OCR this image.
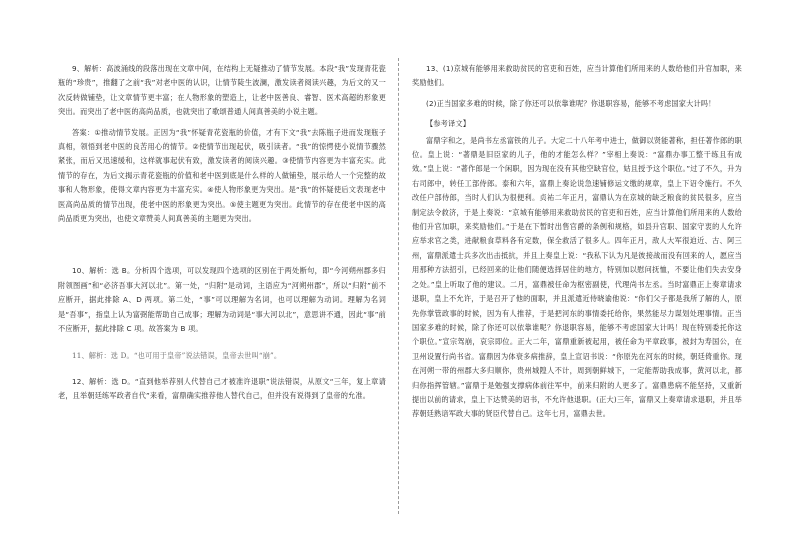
9、解析：高波涌线的段落出现在文章中间，在结构上无疑推动了情节发展。本段“我”发现青花瓷瓶的“珍贵”，推翻了之前“我”对老中医的认识，让情节陡生波澜，激发读者阅读兴趣，为后文的又一次反转做铺垫，让文章情节更丰富；在人物形象的塑造上，让老中医善良、睿智、医术高超的形象更突出。而突出了老中医的高尚品质，也就突出了歌颂普通人间真善美的小说主题。

答案：①推动情节发展。正因为“我”怀疑青花瓷瓶的价值，才有下文“我”去陈瓶子进而发现瓶子真相，领悟到老中医的良苦用心的情节。②使情节出现起伏，吸引读者。“我”的惊愕使小说情节骤然紧张，而后又迅速缓和，这样就事起伏有致，激发读者的阅读兴趣。③使情节内容更为丰富充实。此情节的存在，为后文揭示青花瓷瓶的价值和老中医到底是什么样的人做铺垫，展示给人一个完整的故事和人物形象，使得文章内容更为丰富充实。④使人物形象更为突出。是“我”的怀疑使后文表现老中医高尚品质的情节出现，使老中医的形象更为突出。⑤使主题更为突出。此情节的存在使老中医的高尚品质更为突出，也使文章赞美人间真善美的主题更为突出。

10、解析：选 B。分析四个选项，可以发现四个选项的区别在于两处断句，即“今河朔州郡多归附领图画”和“必济吾事大河以北”。第一处，“归附”是动词，主语应为“河朔州郡”，所以“归附”前不应断开，据此排除 A、D 两项。第二处，“事”可以理解为名词，也可以理解为动词。理解为名词是“吾事”，指皇上认为富弼能帮助自己成事；理解为动词是“事大河以北”，意思讲不通，因此“事”前不应断开，据此排除 C 项。故答案为 B 项。

11、解析：选 D。“也可用于皇帝”说法错误，皇帝去世叫“崩”。

12、解析：选 D。“直到他举荐别人代替自己才被准许退职”说法错误，从原文“三年，复上章请老，且举朝廷练军政者自代”来看，富鼎确实推荐他人替代自己，但并没有说得到了皇帝的允准。

13、(1)京城有能够用来救助贫民的官吏和百姓，应当计算他们所用来的人数给他们升官加职，来奖励他们。

(2)正当国家多难的时候，除了你还可以依靠谁呢？你退职容易，能够不考虑国家大计吗！

【参考译文】

富鼎字和之，是尚书左丞富铁的儿子。大定二十八年考中进士，做御以贤能著称，担任著作郎的职位。皇上说：“著鼎是旧臣家的儿子，他的才能怎么样？”宰相上奏说：“富鼎办事工整干练且有成效。”皇上说：“著作郎是一个闲职，因为现在没有其他空缺官位，姑且授予这个职位。”过了不久，升为右司郎中，转任工部侍郎。泰和六年，富鼎上奏论说急速铺修运文缴的规章，皇上下诏令施行。不久改任户部侍郎，当时人们认为很便利。贞祐二年正月，富鼎认为在京城的缺乏粮食的贫民很多，应当制定法令救济，于是上奏说：“京城有能够用来救助贫民的官吏和百姓，应当计算他们所用来的人数给他们升官加职，来奖励他们。”于是在下暂时出售官爵的条例和规格，如县升官职、国家守衷的人允许应举求官之类，进献粮食草料各有定数，保全救活了很多人。四年正月，敌人大军很迫近、古、阿三州，富鼎派遣士兵多次出击抵抗，并且上奏皇上说：“我私下认为凡是彼接战而没有回来的人，愿应当用那种方法招引，已经回来的让他们随便选择居住的地方，特别加以慰问抚恤，不要让他们失去安身之处。”皇上听取了他的建议。二月，富鼎被任命为枢密副使，代理尚书左丞。当时富鼎正上奏章请求退职，皇上不允许，于是召开了他的面职，并且派遣近侍晓谕他说：“你们父子都是我所了解的人，原先你掌管政事的时候，因为有人推荐，于是把河东的事情委托给你，果然能尽力谋划处理事情。正当国家多难的时候，除了你还可以依靠谁呢？你退职容易，能够不考虑国家大计吗！现在特别委托你这个职位。”宣宗驾崩，哀宗即位。正大二年，富鼎重新被起用，被任命为平章政事，被封为寿国公，在卫州设置行尚书省。富鼎因为体衰多病推辞，皇上宣诏书说：“你原先在河东的时候，朝廷倚重你。现在河朔一带的州郡大多归顺你，贵州城隍人不计，周到朝鲜城下，一定能帮助我成事，黄河以北，都归你指挥管辖。”富鼎于是勉强支撑病体前往军中，前来归附的人更多了。富鼎患病不能坚持，又重新提出以前的请求，皇上下达赞美的诏书，不允许他退职。(正大)三年，富鼎又上奏章请求退职，并且举荐朝廷熟谙军政大事的贤臣代替自己。这年七月，富鼎去世。
